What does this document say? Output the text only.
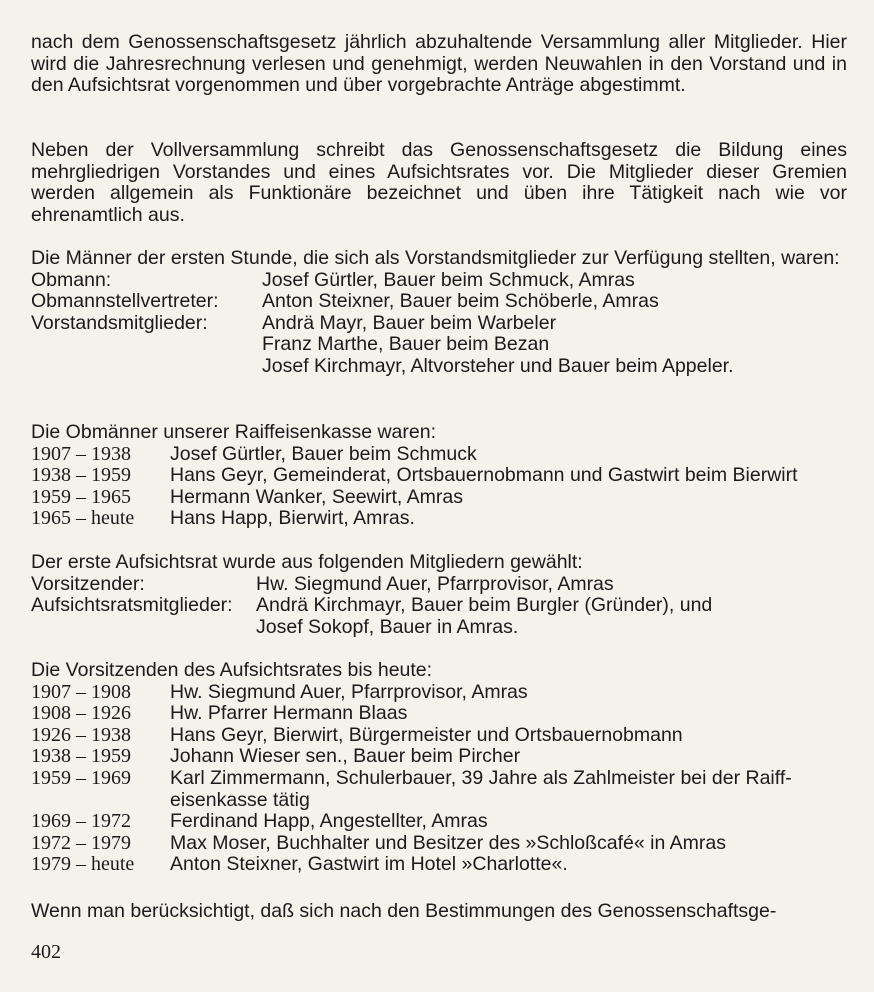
nach dem Genossenschaftsgesetz jährlich abzuhaltende Versammlung aller Mitglieder. Hier wird die Jahresrechnung verlesen und genehmigt, werden Neuwahlen in den Vorstand und in den Aufsichtsrat vorgenommen und über vorgebrachte Anträge abgestimmt.

Neben der Vollversammlung schreibt das Genossenschaftsgesetz die Bildung eines mehrgliedrigen Vorstandes und eines Aufsichtsrates vor. Die Mitglieder dieser Gremien werden allgemein als Funktionäre bezeichnet und üben ihre Tätigkeit nach wie vor ehrenamtlich aus.

Die Männer der ersten Stunde, die sich als Vorstandsmitglieder zur Verfügung stellten, waren:

Obmann:	Josef Gürtler, Bauer beim Schmuck, Amras
Obmannstellvertreter:	Anton Steixner, Bauer beim Schöberle, Amras
Vorstandsmitglieder:	Andrä Mayr, Bauer beim Warbeler
Franz Marthe, Bauer beim Bezan
Josef Kirchmayr, Altvorsteher und Bauer beim Appeler.

Die Obmänner unserer Raiffeisenkasse waren:

1907 – 1938	Josef Gürtler, Bauer beim Schmuck
1938 – 1959	Hans Geyr, Gemeinderat, Ortsbauernobmann und Gastwirt beim Bierwirt
1959 – 1965	Hermann Wanker, Seewirt, Amras
1965 – heute	Hans Happ, Bierwirt, Amras.

Der erste Aufsichtsrat wurde aus folgenden Mitgliedern gewählt:

Vorsitzender:	Hw. Siegmund Auer, Pfarrprovisor, Amras
Aufsichtsratsmitglieder:	Andrä Kirchmayr, Bauer beim Burgler (Gründer), und
Josef Sokopf, Bauer in Amras.

Die Vorsitzenden des Aufsichtsrates bis heute:

1907 – 1908	Hw. Siegmund Auer, Pfarrprovisor, Amras
1908 – 1926	Hw. Pfarrer Hermann Blaas
1926 – 1938	Hans Geyr, Bierwirt, Bürgermeister und Ortsbauernobmann
1938 – 1959	Johann Wieser sen., Bauer beim Pircher
1959 – 1969	Karl Zimmermann, Schulerbauer, 39 Jahre als Zahlmeister bei der Raiff-
eisenkasse tätig
1969 – 1972	Ferdinand Happ, Angestellter, Amras
1972 – 1979	Max Moser, Buchhalter und Besitzer des »Schloßcafé« in Amras
1979 – heute	Anton Steixner, Gastwirt im Hotel »Charlotte«.

Wenn man berücksichtigt, daß sich nach den Bestimmungen des Genossenschaftsge-

402
